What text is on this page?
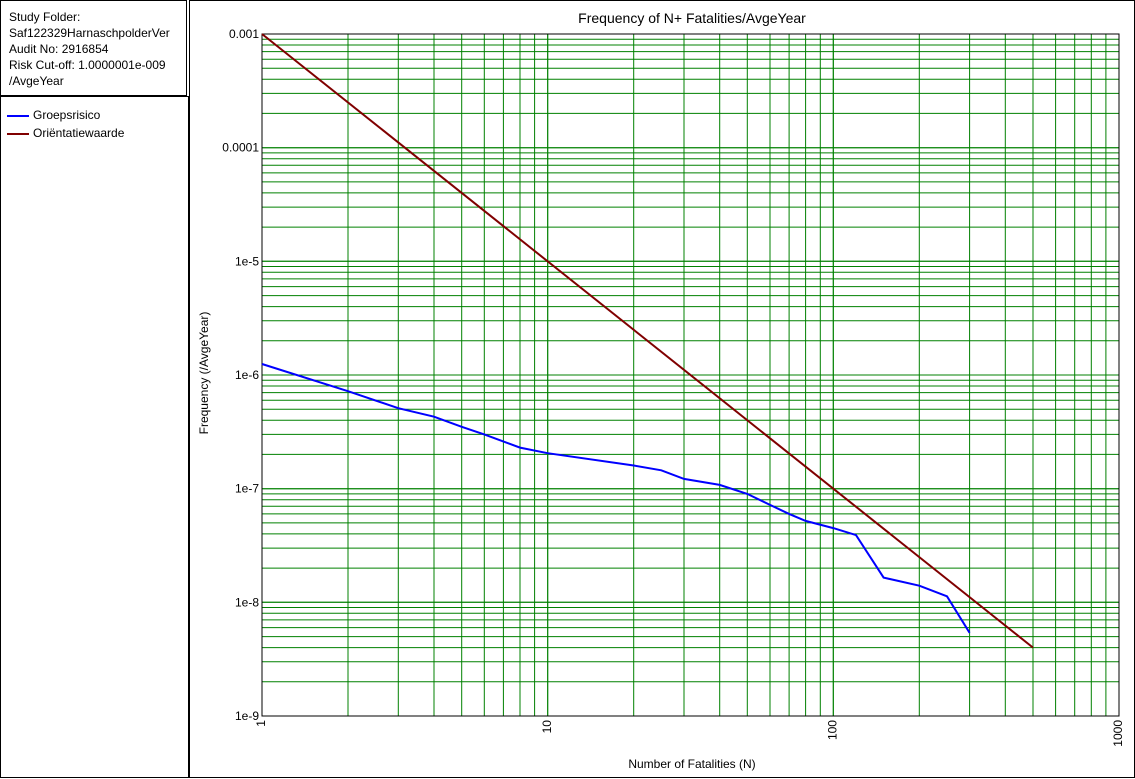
Study Folder:
Saf122329HarnaschpolderVer
Audit No: 2916854
Risk Cut-off: 1.0000001e-009
/AvgeYear
Groepsrisico
Oriëntatiewaarde
Frequency of N+ Fatalities/AvgeYear
1	10	100	1000
0.001
0.0001
1e-5
1e-6
1e-7
1e-8
1e-9
Number of Fatalities (N)
Frequency (/AvgeYear)
